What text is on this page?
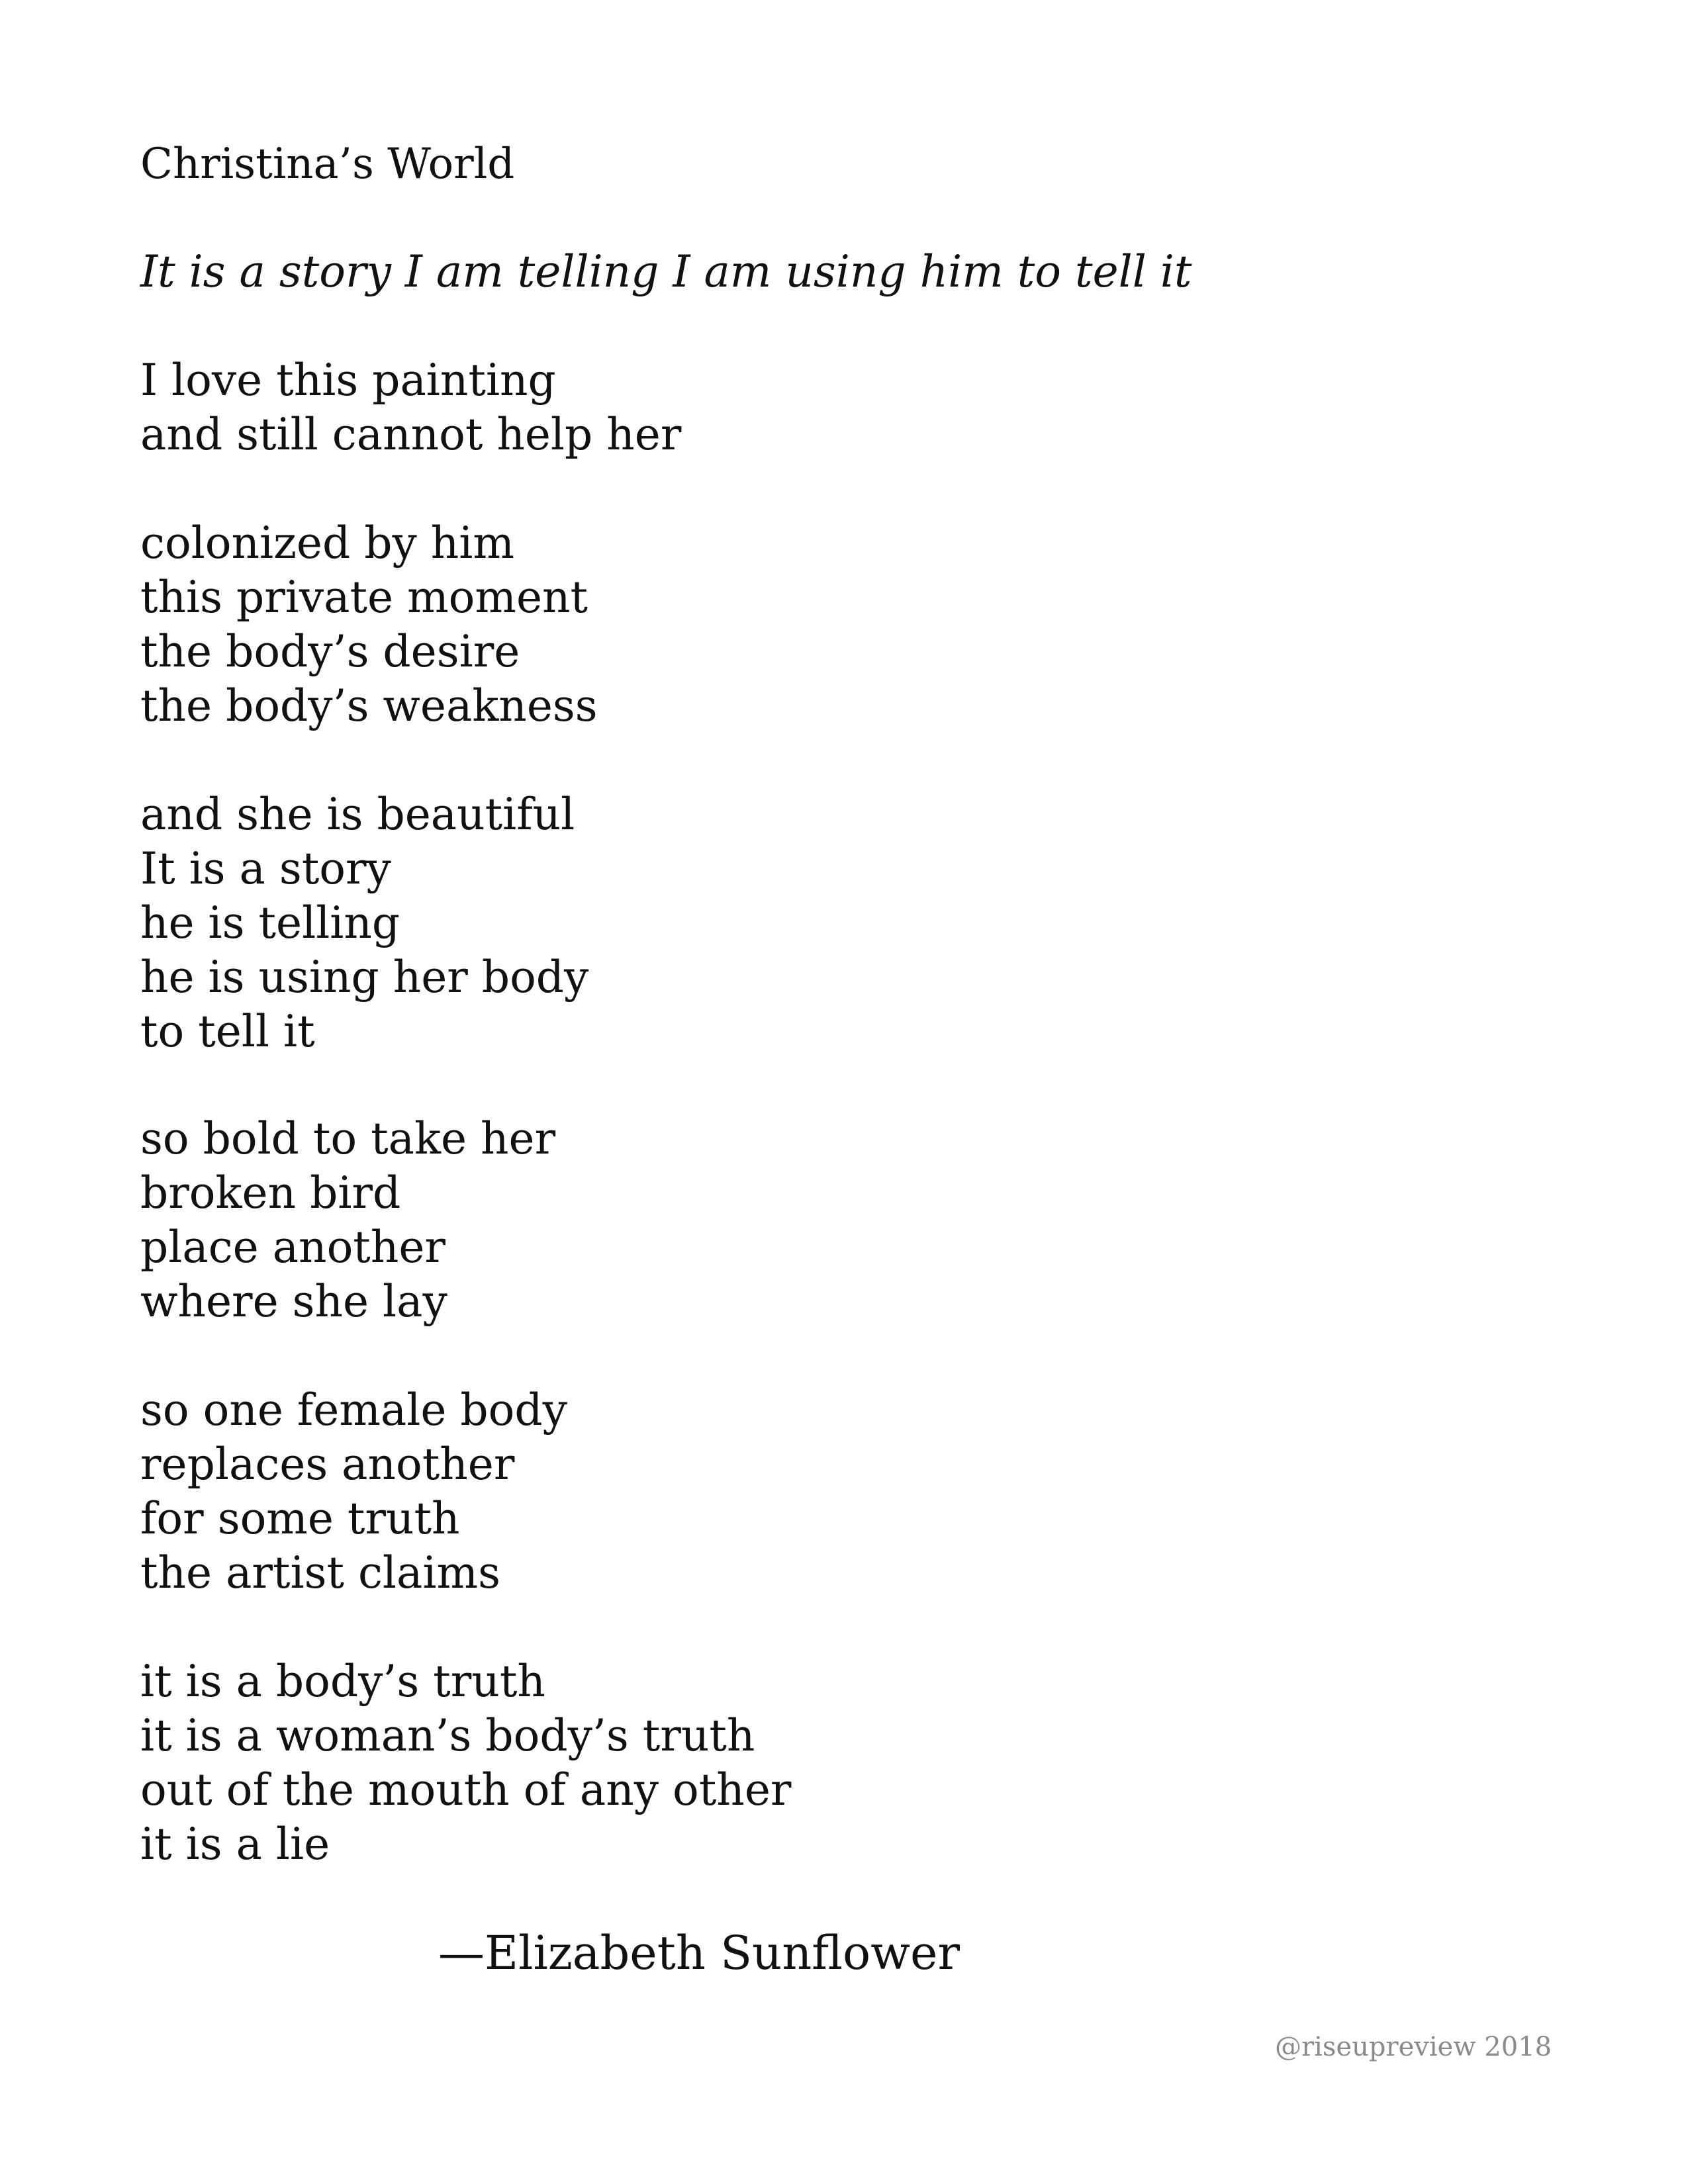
Christina’s World
It is a story I am telling I am using him to tell it
I love this painting
and still cannot help her
colonized by him
this private moment
the body’s desire
the body’s weakness
and she is beautiful
It is a story
he is telling
he is using her body
to tell it
so bold to take her
broken bird
place another
where she lay
so one female body
replaces another
for some truth
the artist claims
it is a body’s truth
it is a woman’s body’s truth
out of the mouth of any other
it is a lie
—Elizabeth Sunflower
@riseupreview 2018
